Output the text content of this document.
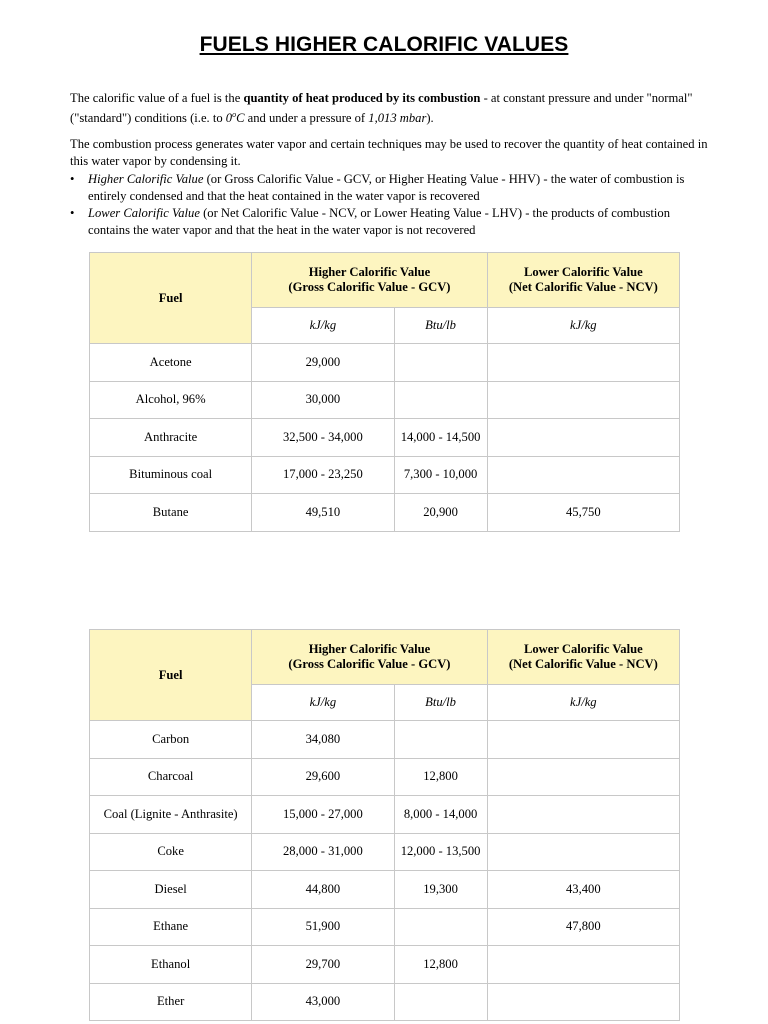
FUELS HIGHER CALORIFIC VALUES

The calorific value of a fuel is the quantity of heat produced by its combustion - at constant pressure and under "normal" ("standard") conditions (i.e. to 0$^o$C and under a pressure of 1,013 mbar).

The combustion process generates water vapor and certain techniques may be used to recover the quantity of heat contained in this water vapor by condensing it.

• Higher Calorific Value (or Gross Calorific Value - GCV, or Higher Heating Value - HHV) - the water of combustion is entirely condensed and that the heat contained in the water vapor is recovered
• Lower Calorific Value (or Net Calorific Value - NCV, or Lower Heating Value - LHV) - the products of combustion contains the water vapor and that the heat in the water vapor is not recovered
Fuel	Higher Calorific Value
(Gross Calorific Value - GCV)		Lower Calorific Value
(Net Calorific Value - NCV)
	kJ/kg	Btu/lb	kJ/kg
Acetone	29,000		
Alcohol, 96%	30,000		
Anthracite	32,500 - 34,000	14,000 - 14,500	
Bituminous coal	17,000 - 23,250	7,300 - 10,000	
Butane	49,510	20,900	45,750
Fuel	Higher Calorific Value
(Gross Calorific Value - GCV)		Lower Calorific Value
(Net Calorific Value - NCV)
	kJ/kg	Btu/lb	kJ/kg
Carbon	34,080		
Charcoal	29,600	12,800	
Coal (Lignite - Anthrasite)	15,000 - 27,000	8,000 - 14,000	
Coke	28,000 - 31,000	12,000 - 13,500	
Diesel	44,800	19,300	43,400
Ethane	51,900		47,800
Ethanol	29,700	12,800	
Ether	43,000		
